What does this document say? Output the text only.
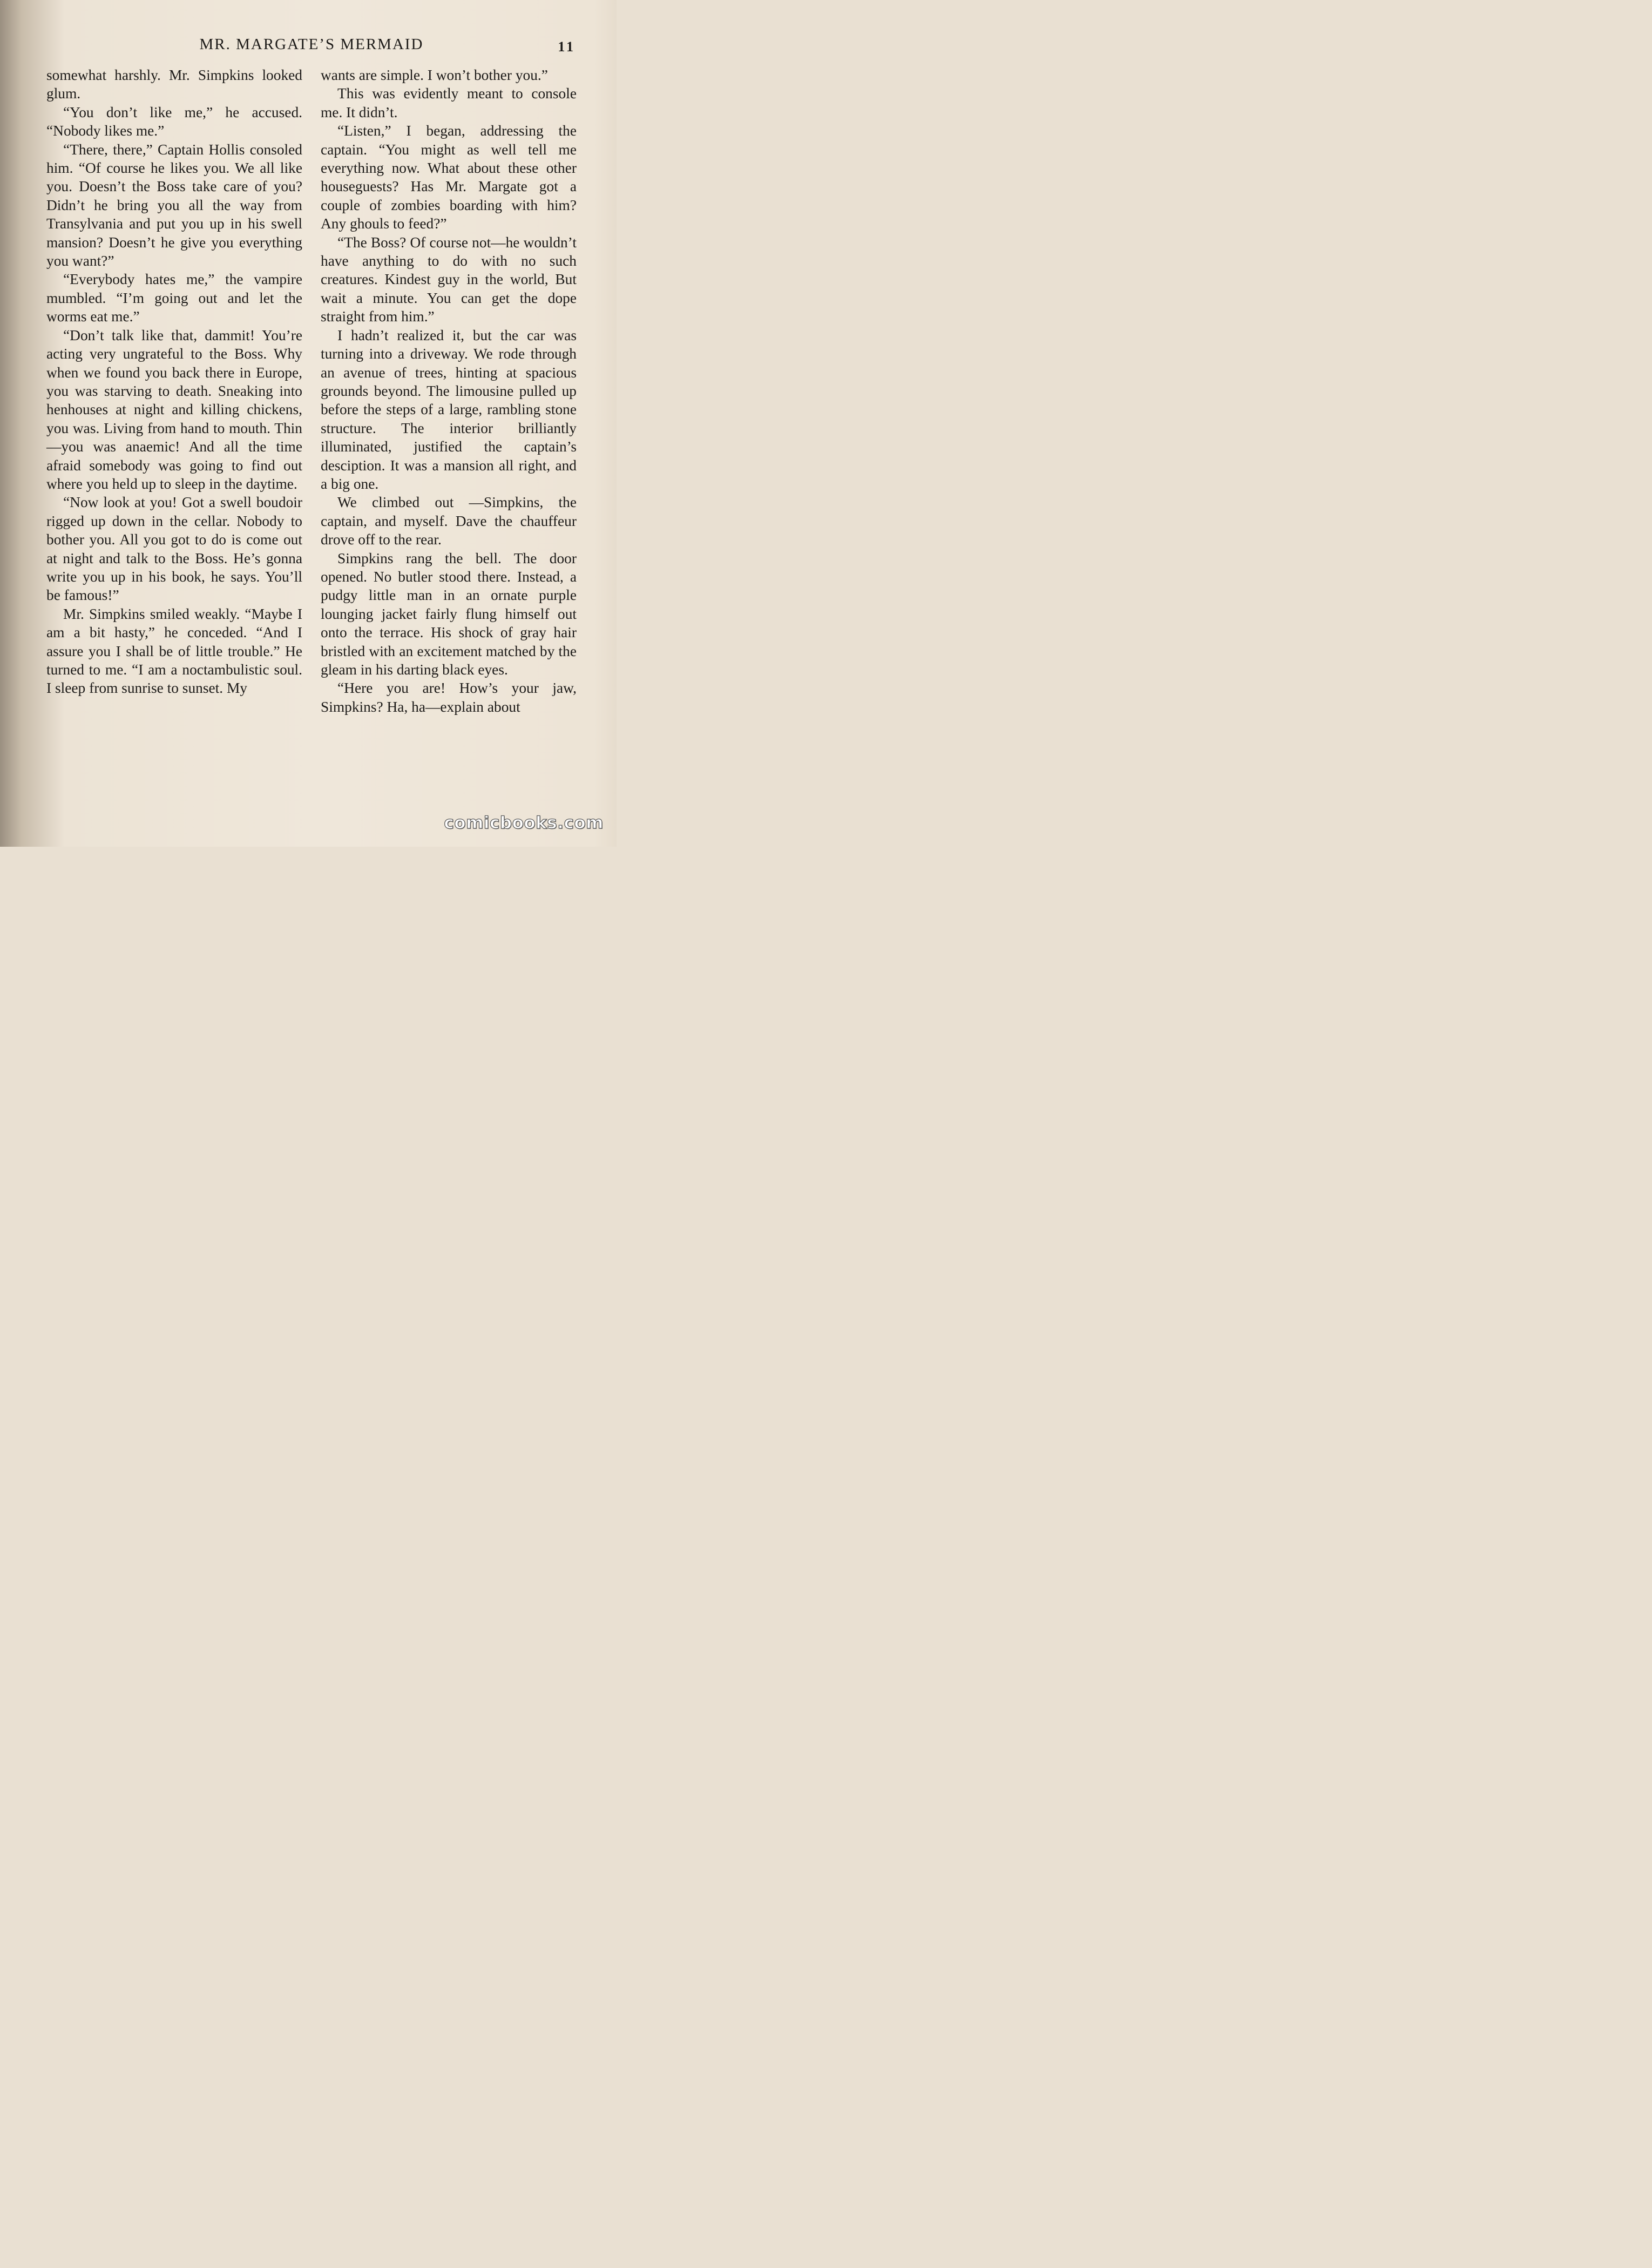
MR. MARGATE’S MERMAID	11

somewhat harshly. Mr. Simpkins looked glum.

“You don’t like me,” he accused. “Nobody likes me.”

“There, there,” Captain Hollis consoled him. “Of course he likes you. We all like you. Doesn’t the Boss take care of you? Didn’t he bring you all the way from Transylvania and put you up in his swell mansion? Doesn’t he give you everything you want?”

“Everybody hates me,” the vampire mumbled. “I’m going out and let the worms eat me.”

“Don’t talk like that, dammit! You’re acting very ungrateful to the Boss. Why when we found you back there in Europe, you was starving to death. Sneaking into henhouses at night and killing chickens, you was. Living from hand to mouth. Thin—you was anaemic! And all the time afraid somebody was going to find out where you held up to sleep in the daytime.

“Now look at you! Got a swell boudoir rigged up down in the cellar. Nobody to bother you. All you got to do is come out at night and talk to the Boss. He’s gonna write you up in his book, he says. You’ll be famous!”

Mr. Simpkins smiled weakly. “Maybe I am a bit hasty,” he conceded. “And I assure you I shall be of little trouble.” He turned to me. “I am a noctambulistic soul. I sleep from sunrise to sunset. My

wants are simple. I won’t bother you.”

This was evidently meant to console me. It didn’t.

“Listen,” I began, addressing the captain. “You might as well tell me everything now. What about these other houseguests? Has Mr. Margate got a couple of zombies boarding with him? Any ghouls to feed?”

“The Boss? Of course not—he wouldn’t have anything to do with no such creatures. Kindest guy in the world, But wait a minute. You can get the dope straight from him.”

I hadn’t realized it, but the car was turning into a driveway. We rode through an avenue of trees, hinting at spacious grounds beyond. The limousine pulled up before the steps of a large, rambling stone structure. The interior brilliantly illuminated, justified the captain’s desciption. It was a mansion all right, and a big one.

We climbed out —Simpkins, the captain, and myself. Dave the chauffeur drove off to the rear.

Simpkins rang the bell. The door opened. No butler stood there. Instead, a pudgy little man in an ornate purple lounging jacket fairly flung himself out onto the terrace. His shock of gray hair bristled with an excitement matched by the gleam in his darting black eyes.

“Here you are! How’s your jaw, Simpkins? Ha, ha—explain about

comicbooks.com
